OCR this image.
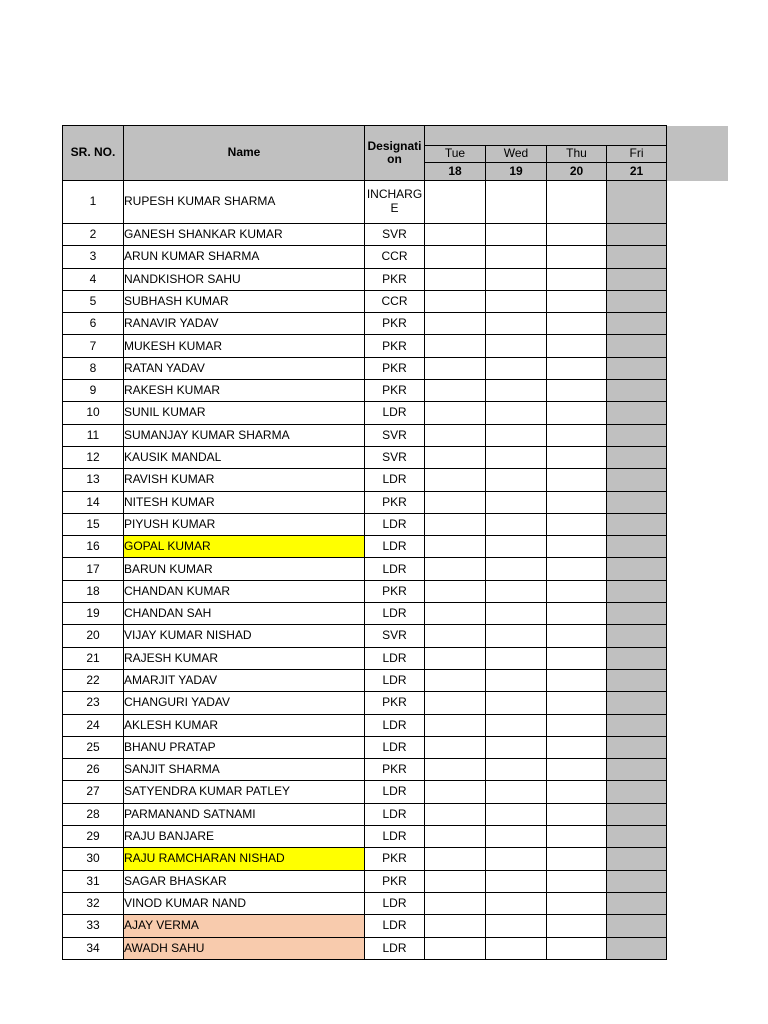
SR. NO.	Name	Designati on				
			Tue	Wed	Thu	Fri
			18	19	20	21
1	RUPESH KUMAR SHARMA	INCHARG E				
2	GANESH SHANKAR KUMAR	SVR				
3	ARUN KUMAR SHARMA	CCR				
4	NANDKISHOR SAHU	PKR				
5	SUBHASH KUMAR	CCR				
6	RANAVIR YADAV	PKR				
7	MUKESH KUMAR	PKR				
8	RATAN YADAV	PKR				
9	RAKESH KUMAR	PKR				
10	SUNIL KUMAR	LDR				
11	SUMANJAY KUMAR SHARMA	SVR				
12	KAUSIK MANDAL	SVR				
13	RAVISH KUMAR	LDR				
14	NITESH KUMAR	PKR				
15	PIYUSH KUMAR	LDR				
16	GOPAL KUMAR	LDR				
17	BARUN KUMAR	LDR				
18	CHANDAN KUMAR	PKR				
19	CHANDAN SAH	LDR				
20	VIJAY KUMAR NISHAD	SVR				
21	RAJESH KUMAR	LDR				
22	AMARJIT YADAV	LDR				
23	CHANGURI YADAV	PKR				
24	AKLESH KUMAR	LDR				
25	BHANU PRATAP	LDR				
26	SANJIT SHARMA	PKR				
27	SATYENDRA KUMAR PATLEY	LDR				
28	PARMANAND SATNAMI	LDR				
29	RAJU BANJARE	LDR				
30	RAJU RAMCHARAN NISHAD	PKR				
31	SAGAR BHASKAR	PKR				
32	VINOD KUMAR NAND	LDR				
33	AJAY VERMA	LDR				
34	AWADH SAHU	LDR				
